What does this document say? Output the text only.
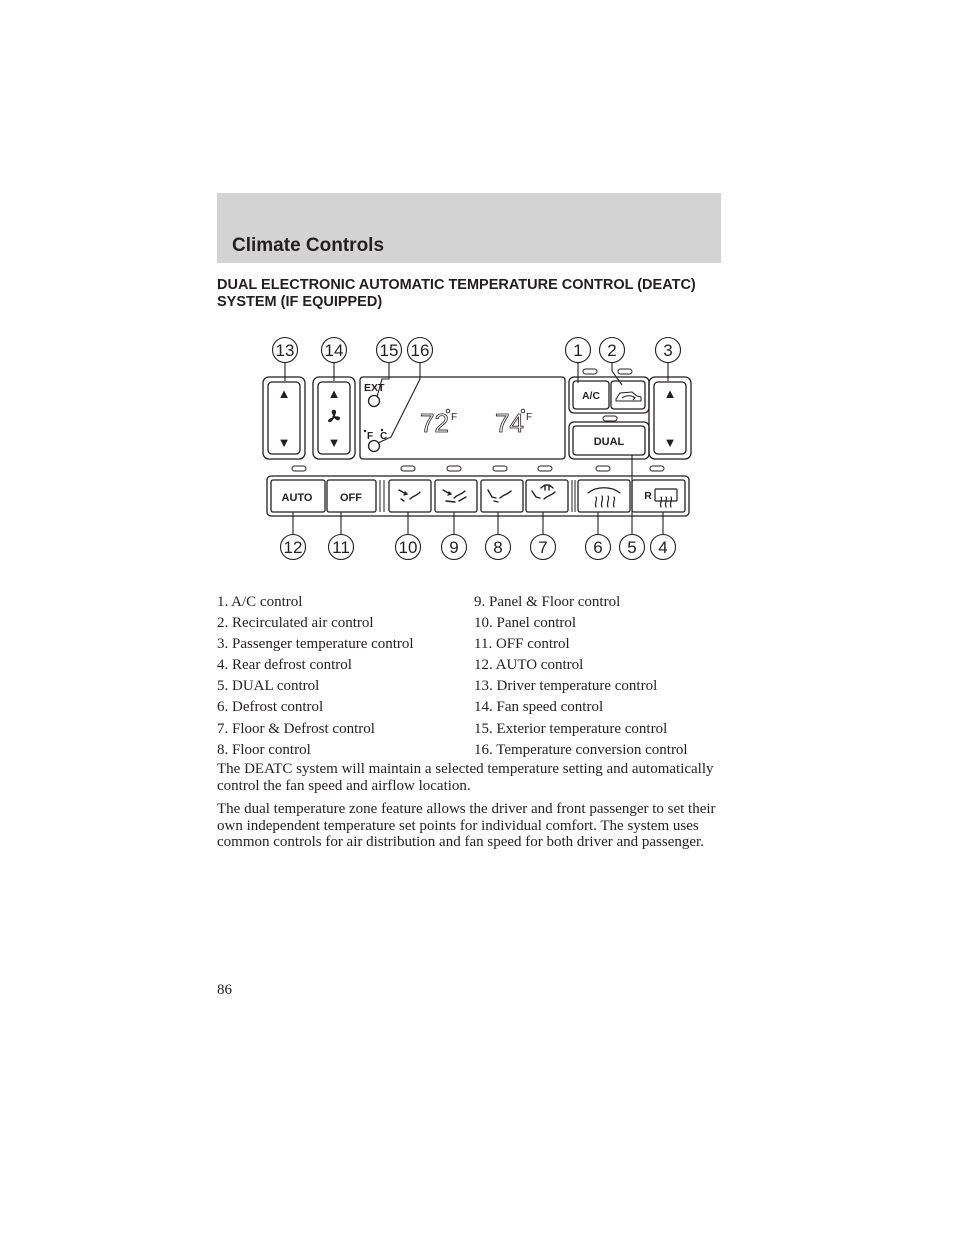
Climate Controls
DUAL ELECTRONIC AUTOMATIC TEMPERATURE CONTROL (DEATC) SYSTEM (IF EQUIPPED)
13 14 15 16	1 2	3
12 11	10 9 8 7	6 5 4
▲
▼
▲
▼
▲
▼
EXT
F C 72 F 74 F
A/C
DUAL
AUTO	OFF	R
1. A/C control
2. Recirculated air control
3. Passenger temperature control
4. Rear defrost control
5. DUAL control
6. Defrost control
7. Floor & Defrost control
8. Floor control
9. Panel & Floor control
10. Panel control
11. OFF control
12. AUTO control
13. Driver temperature control
14. Fan speed control
15. Exterior temperature control
16. Temperature conversion control

The DEATC system will maintain a selected temperature setting and automatically control the fan speed and airflow location.

The dual temperature zone feature allows the driver and front passenger to set their own independent temperature set points for individual comfort. The system uses common controls for air distribution and fan speed for both driver and passenger.

86
